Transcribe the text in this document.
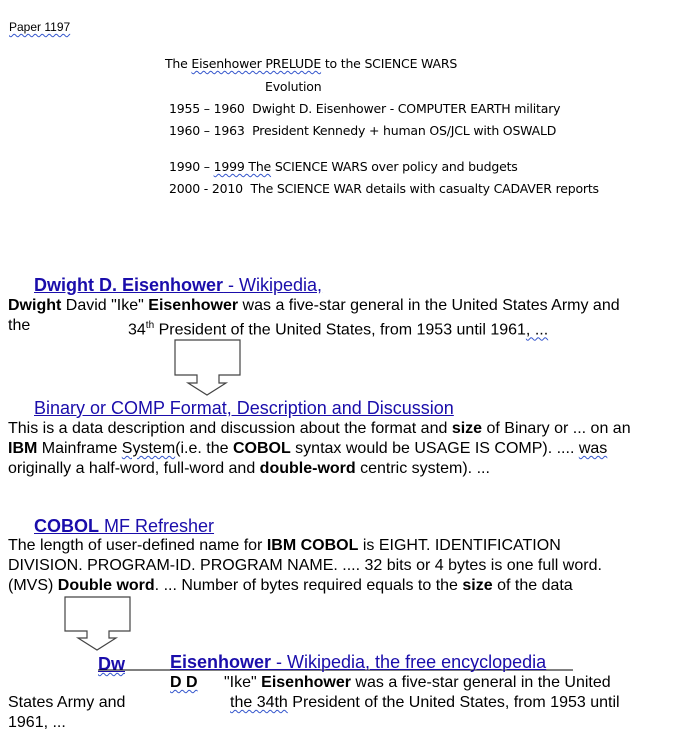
Paper 1197
The Eisenhower PRELUDE to the SCIENCE WARS
Evolution
1955 – 1960 Dwight D. Eisenhower - COMPUTER EARTH military
1960 – 1963 President Kennedy + human OS/JCL with OSWALD
1990 – 1999 The SCIENCE WARS over policy and budgets
2000 - 2010 The SCIENCE WAR details with casualty CADAVER reports
Dwight D. Eisenhower - Wikipedia,
Dwight David "Ike" Eisenhower was a five-star general in the United States Army and
the	34th President of the United States, from 1953 until 1961, ...
Binary or COMP Format, Description and Discussion
This is a data description and discussion about the format and size of Binary or ... on an
IBM Mainframe System(i.e. the COBOL syntax would be USAGE IS COMP). .... was
originally a half-word, full-word and double-word centric system). ...
COBOL MF Refresher
The length of user-defined name for IBM COBOL is EIGHT. IDENTIFICATION
DIVISION. PROGRAM-ID. PROGRAM NAME. .... 32 bits or 4 bytes is one full word.
(MVS) Double word. ... Number of bytes required equals to the size of the data
Dw	Eisenhower - Wikipedia, the free encyclopedia
D D "Ike" Eisenhower was a five-star general in the United
States Army and	the 34th President of the United States, from 1953 until
1961, ...
